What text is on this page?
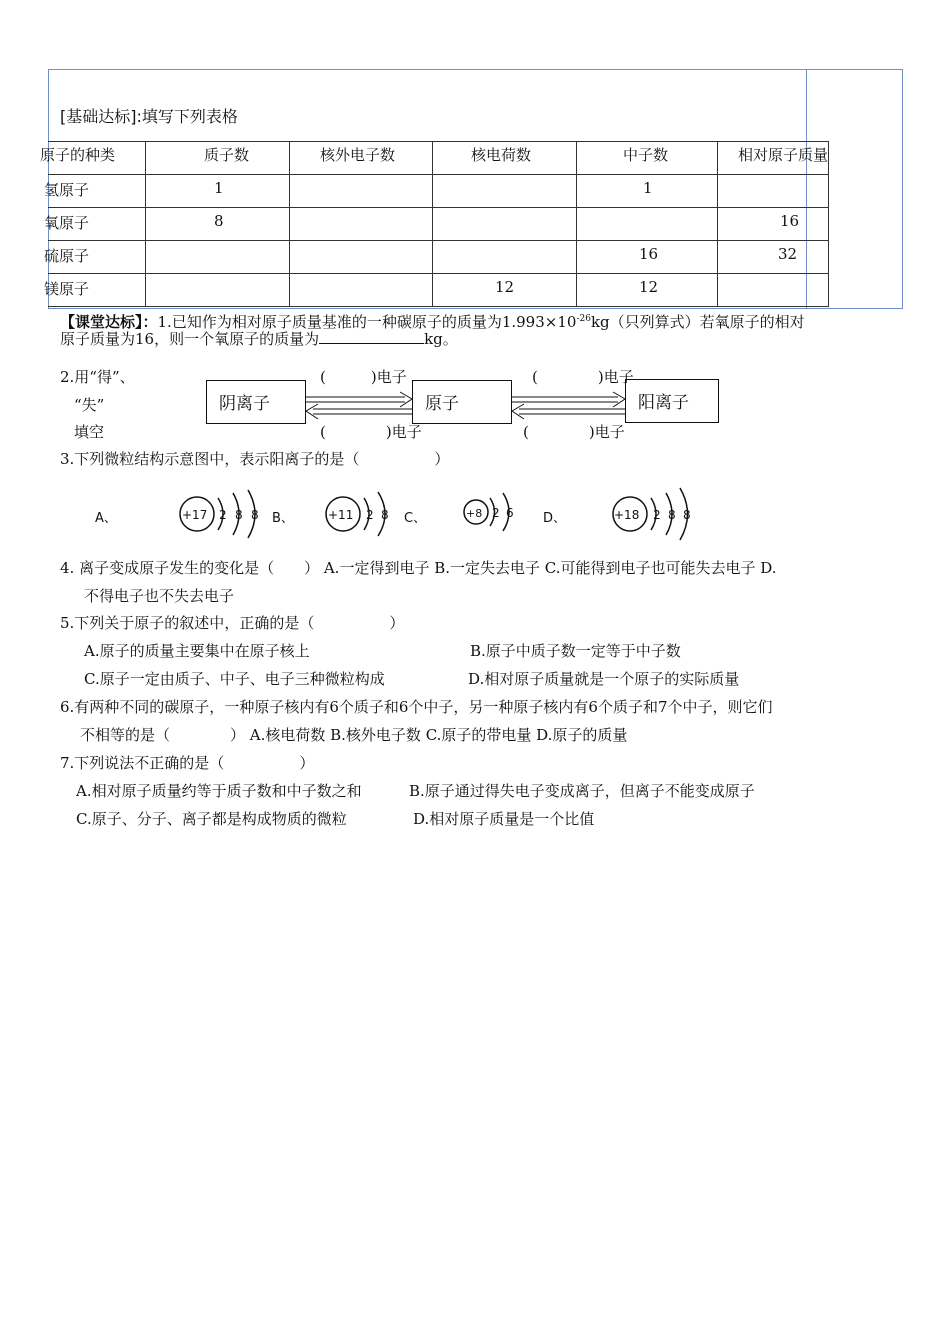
[基础达标]:填写下列表格
原子的种类	质子数	核外电子数	核电荷数	中子数	相对原子质量

氢原子	1			1	

氧原子	8				16

硫原子				16	32

镁原子			12	12	

【课堂达标】：1.已知作为相对原子质量基准的一种碳原子的质量为$1.993\times 10^{-26}kg$（只列算式）若氧原子的相对
原子质量为16，则一个氧原子的质量为	kg。
2.用“得”、
“失”
填空
阴离子	原子	阳离子
(　　　)电子	(　　　　)电子
(　　　　)电子	(　　　　)电子
3.下列微粒结构示意图中，表示阳离子的是（　　　　　）
A、	+17 2 8 8 B、	+11 2 8 C、	+8 2 6 D、	+18 2 8 8
4. 离子变成原子发生的变化是（　　） A.一定得到电子 B.一定失去电子 C.可能得到电子也可能失去电子 D.
不得电子也不失去电子
5.下列关于原子的叙述中，正确的是（　　　　　）
A.原子的质量主要集中在原子核上	B.原子中质子数一定等于中子数
C.原子一定由质子、中子、电子三种微粒构成	D.相对原子质量就是一个原子的实际质量
6.有两种不同的碳原子，一种原子核内有6个质子和6个中子，另一种原子核内有6个质子和7个中子，则它们
不相等的是（　　　　） A.核电荷数 B.核外电子数 C.原子的带电量 D.原子的质量
7.下列说法不正确的是（　　　　　）
A.相对原子质量约等于质子数和中子数之和	B.原子通过得失电子变成离子，但离子不能变成原子
C.原子、分子、离子都是构成物质的微粒	D.相对原子质量是一个比值
